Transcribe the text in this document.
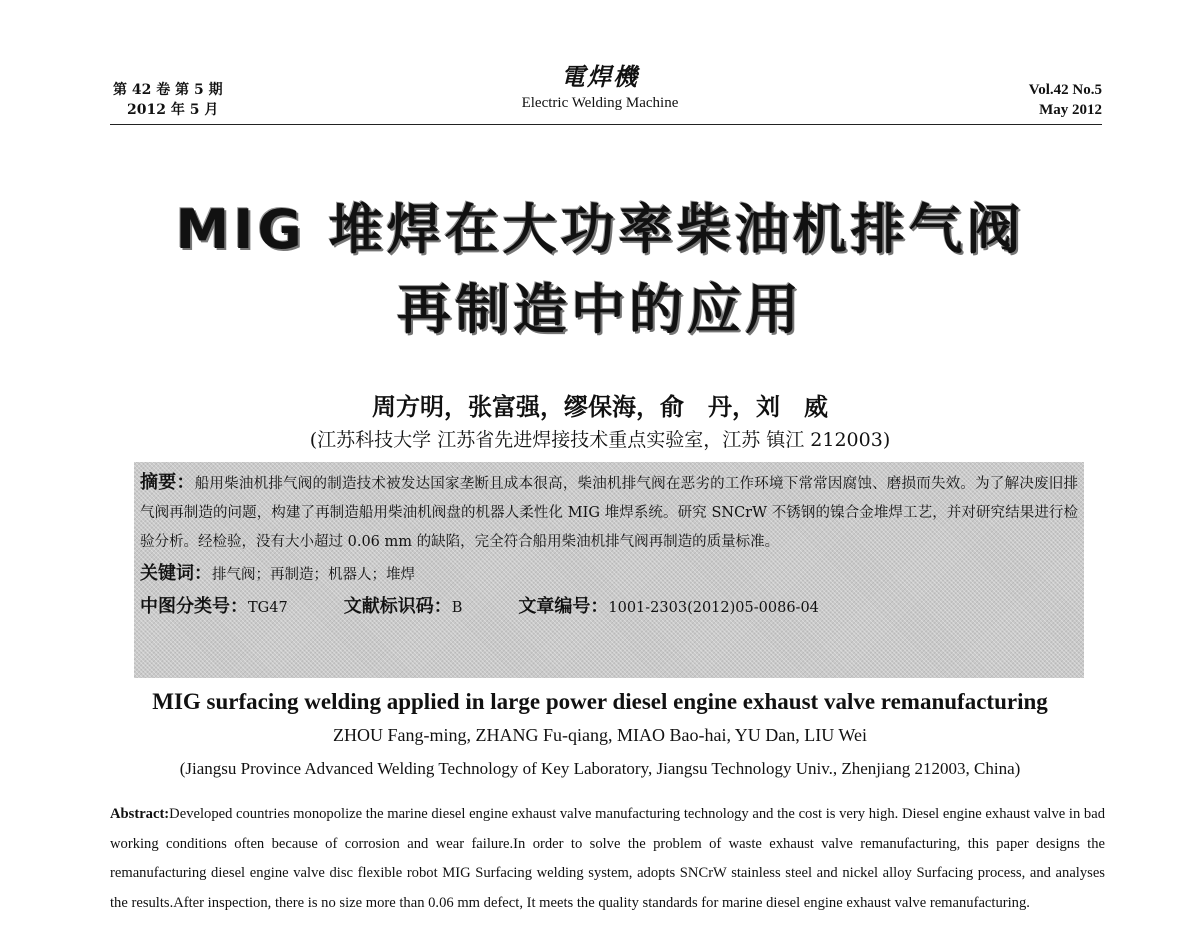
第 42 卷 第 5 期
2012 年 5 月
電焊機
Electric Welding Machine
Vol.42 No.5
May 2012
MIG 堆焊在大功率柴油机排气阀
再制造中的应用
周方明，张富强，缪保海，俞　丹，刘　威
(江苏科技大学 江苏省先进焊接技术重点实验室，江苏 镇江 212003)

摘要：船用柴油机排气阀的制造技术被发达国家垄断且成本很高，柴油机排气阀在恶劣的工作环境下常常因腐蚀、磨损而失效。为了解决废旧排气阀再制造的问题，构建了再制造船用柴油机阀盘的机器人柔性化 MIG 堆焊系统。研究 SNCrW 不锈钢的镍合金堆焊工艺，并对研究结果进行检验分析。经检验，没有大小超过 0.06 mm 的缺陷，完全符合船用柴油机排气阀再制造的质量标准。

关键词：排气阀；再制造；机器人；堆焊

中图分类号：TG47	文献标识码：B	文章编号：1001-2303(2012)05-0086-04
MIG surfacing welding applied in large power diesel engine exhaust valve remanufacturing
ZHOU Fang-ming, ZHANG Fu-qiang, MIAO Bao-hai, YU Dan, LIU Wei
(Jiangsu Province Advanced Welding Technology of Key Laboratory, Jiangsu Technology Univ., Zhenjiang 212003, China)
Abstract:Developed countries monopolize the marine diesel engine exhaust valve manufacturing technology and the cost is very high. Diesel engine exhaust valve in bad working conditions often because of corrosion and wear failure.In order to solve the problem of waste exhaust valve remanufacturing, this paper designs the remanufacturing diesel engine valve disc flexible robot MIG Surfacing welding system, adopts SNCrW stainless steel and nickel alloy Surfacing process, and analyses the results.After inspection, there is no size more than 0.06 mm defect, It meets the quality standards for marine diesel engine exhaust valve remanufacturing.
